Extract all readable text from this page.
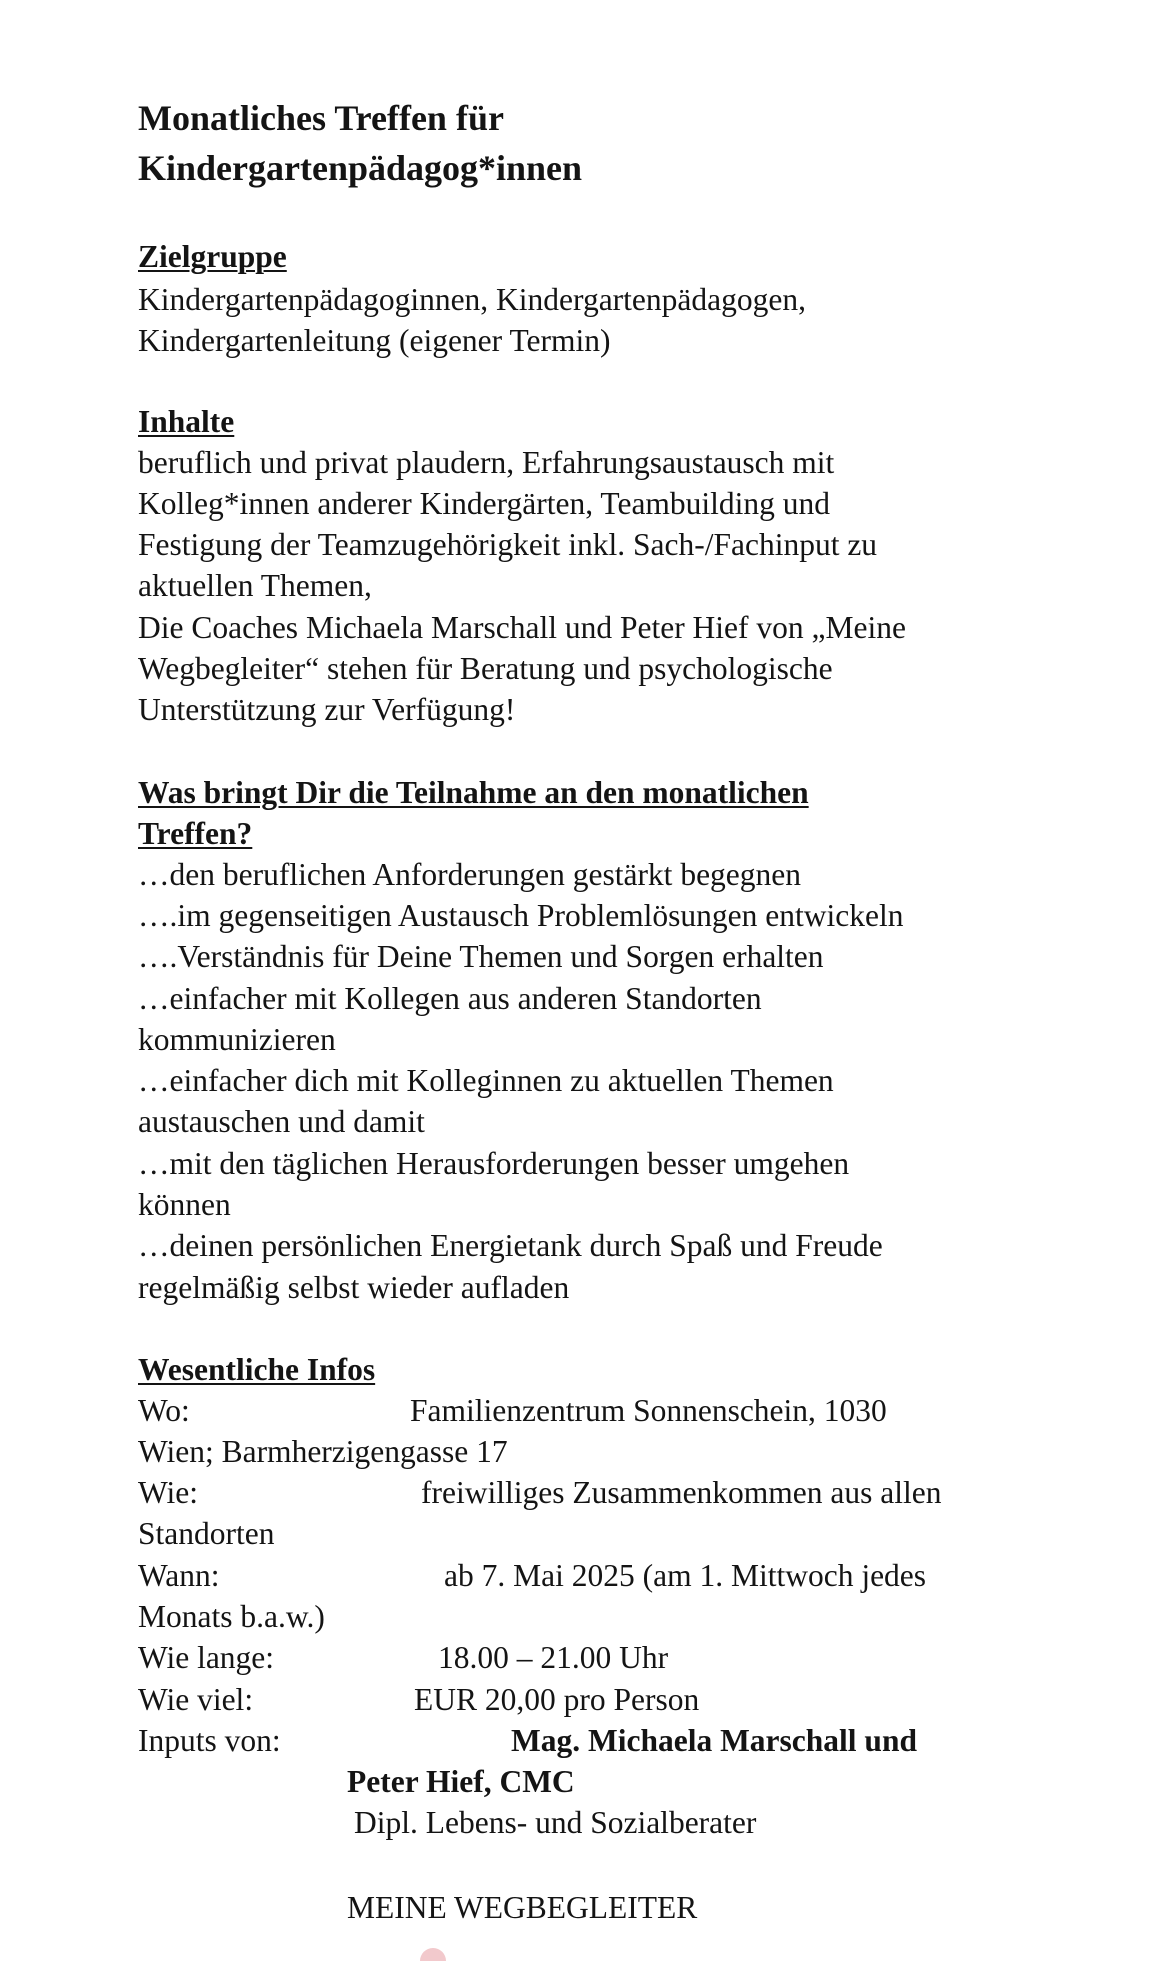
Monatliches Treffen für
Kindergartenpädagog*innen
Zielgruppe
Kindergartenpädagoginnen, Kindergartenpädagogen,
Kindergartenleitung (eigener Termin)
Inhalte
beruflich und privat plaudern, Erfahrungsaustausch mit
Kolleg*innen anderer Kindergärten, Teambuilding und
Festigung der Teamzugehörigkeit inkl. Sach-/Fachinput zu
aktuellen Themen,
Die Coaches Michaela Marschall und Peter Hief von „Meine
Wegbegleiter“ stehen für Beratung und psychologische
Unterstützung zur Verfügung!
Was bringt Dir die Teilnahme an den monatlichen
Treffen?
…den beruflichen Anforderungen gestärkt begegnen
….im gegenseitigen Austausch Problemlösungen entwickeln
….Verständnis für Deine Themen und Sorgen erhalten
…einfacher mit Kollegen aus anderen Standorten
kommunizieren
…einfacher dich mit Kolleginnen zu aktuellen Themen
austauschen und damit
…mit den täglichen Herausforderungen besser umgehen
können
…deinen persönlichen Energietank durch Spaß und Freude
regelmäßig selbst wieder aufladen
Wesentliche Infos
Wo:	Familienzentrum Sonnenschein, 1030
Wien; Barmherzigengasse 17
Wie:	freiwilliges Zusammenkommen aus allen
Standorten
Wann:	ab 7. Mai 2025 (am 1. Mittwoch jedes
Monats b.a.w.)
Wie lange:	18.00 – 21.00 Uhr
Wie viel:	EUR 20,00 pro Person
Inputs von:	Mag. Michaela Marschall und
Peter Hief, CMC
Dipl. Lebens- und Sozialberater
MEINE WEGBEGLEITER
